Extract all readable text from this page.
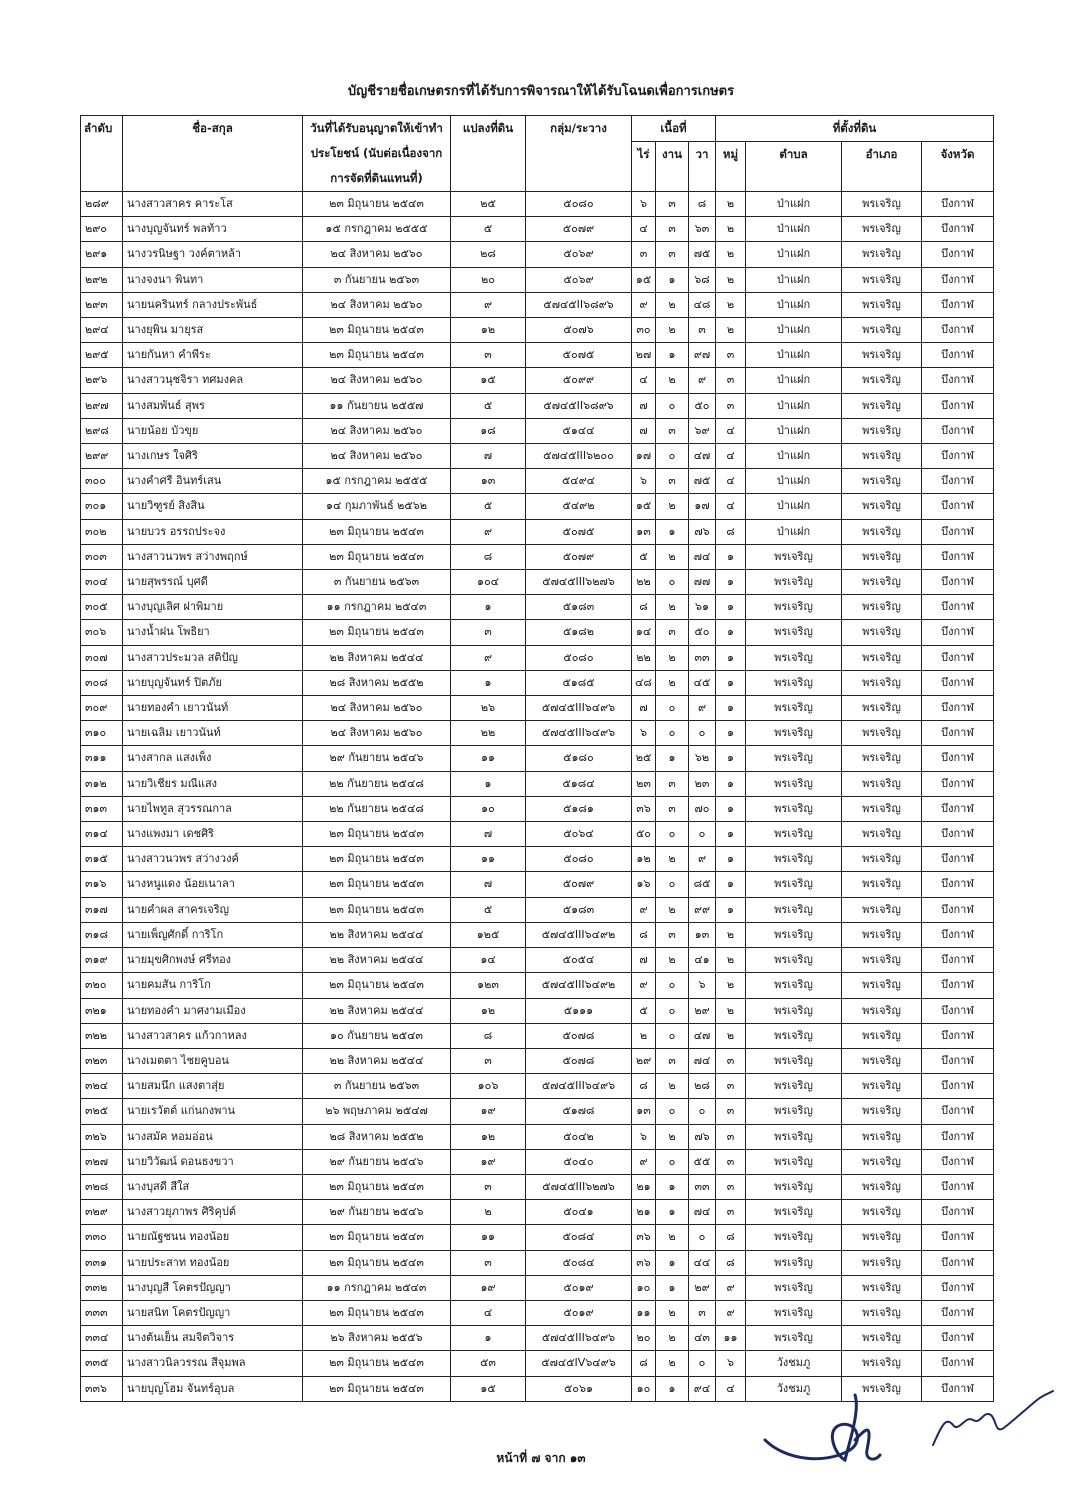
บัญชีรายชื่อเกษตรกรที่ได้รับการพิจารณาให้ได้รับโฉนดเพื่อการเกษตร
ลำดับ	ชื่อ-สกุล	วันที่ได้รับอนุญาตให้เข้าทำประโยชน์ (นับต่อเนื่องจากการจัดที่ดินแทนที่)	แปลงที่ดิน	กลุ่ม/ระวาง	เนื้อที่			ที่ตั้งที่ดิน			
					ไร่	งาน	วา	หมู่	ตำบล	อำเภอ	จังหวัด
๒๘๙	นางสาวสาคร คาระโส	๒๓ มิถุนายน ๒๕๔๓	๒๕	๕๐๘๐	๖	๓	๘	๒	ป่าแฝก	พรเจริญ	บึงกาฬ
๒๙๐	นางบุญจันทร์ พลท้าว	๑๕ กรกฎาคม ๒๕๕๕	๕	๕๐๗๙	๔	๓	๖๓	๒	ป่าแฝก	พรเจริญ	บึงกาฬ
๒๙๑	นางวรนิษฐา วงค์ตาหล้า	๒๔ สิงหาคม ๒๕๖๐	๒๘	๕๐๖๙	๓	๓	๗๕	๒	ป่าแฝก	พรเจริญ	บึงกาฬ
๒๙๒	นางจงนา พินทา	๓ กันยายน ๒๕๖๓	๒๐	๕๐๖๙	๑๕	๑	๖๘	๒	ป่าแฝก	พรเจริญ	บึงกาฬ
๒๙๓	นายนครินทร์ กลางประพันธ์	๒๔ สิงหาคม ๒๕๖๐	๙	๕๗๔๕II๖๘๙๖	๙	๒	๔๘	๒	ป่าแฝก	พรเจริญ	บึงกาฬ
๒๙๔	นางยุพิน มายุรส	๒๓ มิถุนายน ๒๕๔๓	๑๒	๕๐๗๖	๓๐	๒	๓	๒	ป่าแฝก	พรเจริญ	บึงกาฬ
๒๙๕	นายกันหา คำพีระ	๒๓ มิถุนายน ๒๕๔๓	๓	๕๐๗๕	๒๗	๑	๙๗	๓	ป่าแฝก	พรเจริญ	บึงกาฬ
๒๙๖	นางสาวนุชจิรา ทศมงคล	๒๔ สิงหาคม ๒๕๖๐	๑๕	๕๐๙๙	๔	๒	๙	๓	ป่าแฝก	พรเจริญ	บึงกาฬ
๒๙๗	นางสมพันธ์ สุพร	๑๑ กันยายน ๒๕๕๗	๕	๕๗๔๕II๖๘๙๖	๗	๐	๕๐	๓	ป่าแฝก	พรเจริญ	บึงกาฬ
๒๙๘	นายน้อย บัวขุย	๒๔ สิงหาคม ๒๕๖๐	๑๘	๕๑๔๔	๗	๓	๖๙	๔	ป่าแฝก	พรเจริญ	บึงกาฬ
๒๙๙	นางเกษร ใจศิริ	๒๔ สิงหาคม ๒๕๖๐	๗	๕๗๔๕III๖๒๐๐	๑๗	๐	๔๗	๔	ป่าแฝก	พรเจริญ	บึงกาฬ
๓๐๐	นางคำศรี อินทร์เสน	๑๕ กรกฎาคม ๒๕๕๕	๑๓	๕๔๙๔	๖	๓	๗๕	๔	ป่าแฝก	พรเจริญ	บึงกาฬ
๓๐๑	นายวิฑูรย์ สิงสิน	๑๔ กุมภาพันธ์ ๒๕๖๒	๕	๕๔๙๒	๑๕	๒	๑๗	๔	ป่าแฝก	พรเจริญ	บึงกาฬ
๓๐๒	นายบวร อรรถประจง	๒๓ มิถุนายน ๒๕๔๓	๙	๕๐๗๕	๑๓	๑	๗๖	๘	ป่าแฝก	พรเจริญ	บึงกาฬ
๓๐๓	นางสาวนวพร สว่างพฤกษ์	๒๓ มิถุนายน ๒๕๔๓	๘	๕๐๗๙	๕	๒	๗๔	๑	พรเจริญ	พรเจริญ	บึงกาฬ
๓๐๔	นายสุพรรณ์ บุศดี	๓ กันยายน ๒๕๖๓	๑๐๔	๕๗๔๕III๖๒๗๖	๒๒	๐	๗๗	๑	พรเจริญ	พรเจริญ	บึงกาฬ
๓๐๕	นางบุญเลิศ ฝาพิมาย	๑๑ กรกฎาคม ๒๕๔๓	๑	๕๑๘๓	๘	๒	๖๑	๑	พรเจริญ	พรเจริญ	บึงกาฬ
๓๐๖	นางน้ำฝน โพธิยา	๒๓ มิถุนายน ๒๕๔๓	๓	๕๑๘๒	๑๔	๓	๕๐	๑	พรเจริญ	พรเจริญ	บึงกาฬ
๓๐๗	นางสาวประมวล สติปัญ	๒๒ สิงหาคม ๒๕๔๔	๙	๕๐๘๐	๒๒	๒	๓๓	๑	พรเจริญ	พรเจริญ	บึงกาฬ
๓๐๘	นายบุญจันทร์ ปิตภัย	๒๘ สิงหาคม ๒๕๕๒	๑	๕๑๘๕	๔๘	๒	๔๕	๑	พรเจริญ	พรเจริญ	บึงกาฬ
๓๐๙	นายทองคำ เยาวนันท์	๒๔ สิงหาคม ๒๕๖๐	๒๖	๕๗๔๕III๖๔๙๖	๗	๐	๙	๑	พรเจริญ	พรเจริญ	บึงกาฬ
๓๑๐	นายเฉลิม เยาวนันท์	๒๔ สิงหาคม ๒๕๖๐	๒๒	๕๗๔๕III๖๔๙๖	๖	๐	๐	๑	พรเจริญ	พรเจริญ	บึงกาฬ
๓๑๑	นางสากล แสงเพ็ง	๒๙ กันยายน ๒๕๔๖	๑๑	๕๑๘๐	๒๕	๑	๖๒	๑	พรเจริญ	พรเจริญ	บึงกาฬ
๓๑๒	นายวิเชียร มณีแสง	๒๒ กันยายน ๒๕๔๘	๑	๕๑๘๔	๒๓	๓	๒๓	๑	พรเจริญ	พรเจริญ	บึงกาฬ
๓๑๓	นายไพทูล สุวรรณกาล	๒๒ กันยายน ๒๕๔๘	๑๐	๕๑๘๑	๓๖	๓	๗๐	๑	พรเจริญ	พรเจริญ	บึงกาฬ
๓๑๔	นางแพงมา เดชศิริ	๒๓ มิถุนายน ๒๕๔๓	๗	๕๐๖๔	๕๐	๐	๐	๑	พรเจริญ	พรเจริญ	บึงกาฬ
๓๑๕	นางสาวนวพร สว่างวงค์	๒๓ มิถุนายน ๒๕๔๓	๑๑	๕๐๘๐	๑๒	๒	๙	๑	พรเจริญ	พรเจริญ	บึงกาฬ
๓๑๖	นางหนูแดง น้อยเนาลา	๒๓ มิถุนายน ๒๕๔๓	๗	๕๐๗๙	๑๖	๐	๘๕	๑	พรเจริญ	พรเจริญ	บึงกาฬ
๓๑๗	นายคำผล สาครเจริญ	๒๓ มิถุนายน ๒๕๔๓	๕	๕๑๘๓	๙	๒	๙๙	๑	พรเจริญ	พรเจริญ	บึงกาฬ
๓๑๘	นายเพ็ญศักดิ์ การิโก	๒๒ สิงหาคม ๒๕๔๔	๑๒๕	๕๗๔๕III๖๔๙๒	๘	๓	๑๓	๒	พรเจริญ	พรเจริญ	บึงกาฬ
๓๑๙	นายมุขศิกพงษ์ ศรีทอง	๒๒ สิงหาคม ๒๕๔๔	๑๔	๕๐๕๔	๗	๒	๔๑	๒	พรเจริญ	พรเจริญ	บึงกาฬ
๓๒๐	นายคมสัน การิโก	๒๓ มิถุนายน ๒๕๔๓	๑๒๓	๕๗๔๕III๖๔๙๒	๙	๐	๖	๒	พรเจริญ	พรเจริญ	บึงกาฬ
๓๒๑	นายทองคำ มาศงามเมือง	๒๒ สิงหาคม ๒๕๔๔	๑๒	๕๑๑๑	๕	๐	๒๙	๒	พรเจริญ	พรเจริญ	บึงกาฬ
๓๒๒	นางสาวสาคร แก้วกาหลง	๑๐ กันยายน ๒๕๔๓	๘	๕๐๗๘	๒	๐	๔๗	๒	พรเจริญ	พรเจริญ	บึงกาฬ
๓๒๓	นางเมตตา ไชยคูบอน	๒๒ สิงหาคม ๒๕๔๔	๓	๕๐๗๘	๒๙	๓	๗๔	๓	พรเจริญ	พรเจริญ	บึงกาฬ
๓๒๔	นายสมนึก แสงตาสุ่ย	๓ กันยายน ๒๕๖๓	๑๐๖	๕๗๔๕III๖๔๙๖	๘	๒	๒๘	๓	พรเจริญ	พรเจริญ	บึงกาฬ
๓๒๕	นายเรวัตต์ แก่นกงพาน	๒๖ พฤษภาคม ๒๕๔๗	๑๙	๕๑๗๘	๑๓	๐	๐	๓	พรเจริญ	พรเจริญ	บึงกาฬ
๓๒๖	นางสมัค หอมอ่อน	๒๘ สิงหาคม ๒๕๕๒	๑๒	๕๐๔๒	๖	๒	๗๖	๓	พรเจริญ	พรเจริญ	บึงกาฬ
๓๒๗	นายวิวัฒน์ ดอนธงขวา	๒๙ กันยายน ๒๕๔๖	๑๙	๕๐๔๐	๙	๐	๕๕	๓	พรเจริญ	พรเจริญ	บึงกาฬ
๓๒๘	นางบุสดี สีใส	๒๓ มิถุนายน ๒๕๔๓	๓	๕๗๔๕III๖๒๗๖	๒๑	๑	๓๓	๓	พรเจริญ	พรเจริญ	บึงกาฬ
๓๒๙	นางสาวยุภาพร ศิริคุปต์	๒๙ กันยายน ๒๕๔๖	๒	๕๐๔๑	๒๑	๑	๗๔	๓	พรเจริญ	พรเจริญ	บึงกาฬ
๓๓๐	นายณัฐชนน ทองน้อย	๒๓ มิถุนายน ๒๕๔๓	๑๑	๕๐๘๔	๓๖	๒	๐	๘	พรเจริญ	พรเจริญ	บึงกาฬ
๓๓๑	นายประสาท ทองน้อย	๒๓ มิถุนายน ๒๕๔๓	๓	๕๐๘๔	๓๖	๑	๔๔	๘	พรเจริญ	พรเจริญ	บึงกาฬ
๓๓๒	นางบุญสี โคตรปัญญา	๑๑ กรกฎาคม ๒๕๔๓	๑๙	๕๐๑๙	๑๐	๑	๒๙	๙	พรเจริญ	พรเจริญ	บึงกาฬ
๓๓๓	นายสนิท โคตรปัญญา	๒๓ มิถุนายน ๒๕๔๓	๔	๕๐๑๙	๑๑	๒	๓	๙	พรเจริญ	พรเจริญ	บึงกาฬ
๓๓๔	นางต้นเย็น สมจิตวิจาร	๒๖ สิงหาคม ๒๕๕๖	๑	๕๗๔๕III๖๔๙๖	๒๐	๒	๔๓	๑๑	พรเจริญ	พรเจริญ	บึงกาฬ
๓๓๕	นางสาวนิลวรรณ สีจุมพล	๒๓ มิถุนายน ๒๕๔๓	๕๓	๕๗๔๕IV๖๔๙๖	๘	๒	๐	๖	วังชมภู	พรเจริญ	บึงกาฬ
๓๓๖	นายบุญโฮม จันทร์อุบล	๒๓ มิถุนายน ๒๕๔๓	๑๕	๕๐๖๑	๑๐	๑	๙๔	๔	วังชมภู	พรเจริญ	บึงกาฬ
หน้าที่ ๗ จาก ๑๓
